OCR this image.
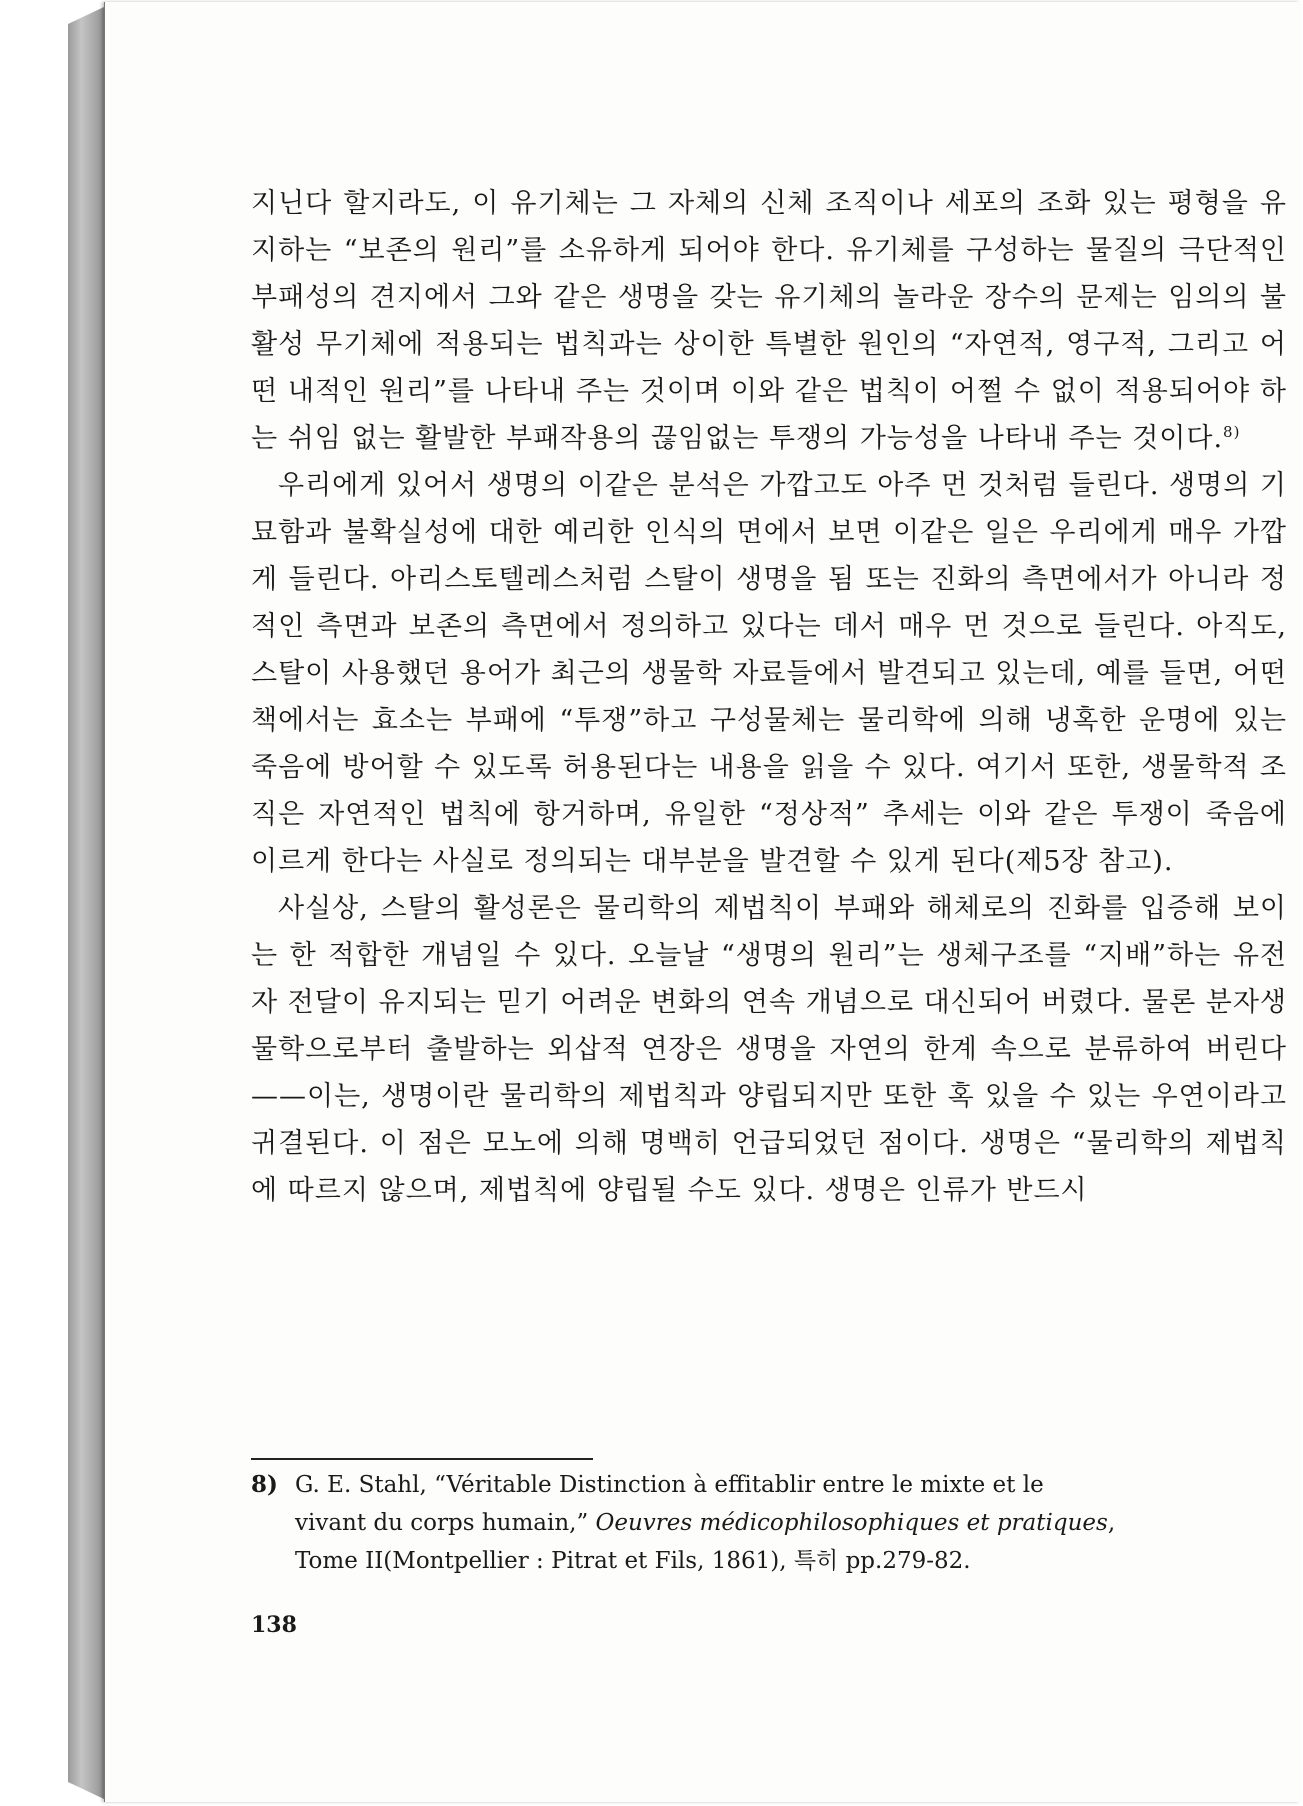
지닌다 할지라도, 이 유기체는 그 자체의 신체 조직이나 세포의 조화 있는 평형을 유지하는 “보존의 원리”를 소유하게 되어야 한다. 유기체를 구성하는 물질의 극단적인 부패성의 견지에서 그와 같은 생명을 갖는 유기체의 놀라운 장수의 문제는 임의의 불활성 무기체에 적용되는 법칙과는 상이한 특별한 원인의 “자연적, 영구적, 그리고 어떤 내적인 원리”를 나타내 주는 것이며 이와 같은 법칙이 어쩔 수 없이 적용되어야 하는 쉬임 없는 활발한 부패작용의 끊임없는 투쟁의 가능성을 나타내 주는 것이다.$^{8)}$

우리에게 있어서 생명의 이같은 분석은 가깝고도 아주 먼 것처럼 들린다. 생명의 기묘함과 불확실성에 대한 예리한 인식의 면에서 보면 이같은 일은 우리에게 매우 가깝게 들린다. 아리스토텔레스처럼 스탈이 생명을 됨 또는 진화의 측면에서가 아니라 정적인 측면과 보존의 측면에서 정의하고 있다는 데서 매우 먼 것으로 들린다. 아직도, 스탈이 사용했던 용어가 최근의 생물학 자료들에서 발견되고 있는데, 예를 들면, 어떤 책에서는 효소는 부패에 “투쟁”하고 구성물체는 물리학에 의해 냉혹한 운명에 있는 죽음에 방어할 수 있도록 허용된다는 내용을 읽을 수 있다. 여기서 또한, 생물학적 조직은 자연적인 법칙에 항거하며, 유일한 “정상적” 추세는 이와 같은 투쟁이 죽음에 이르게 한다는 사실로 정의되는 대부분을 발견할 수 있게 된다(제5장 참고).

사실상, 스탈의 활성론은 물리학의 제법칙이 부패와 해체로의 진화를 입증해 보이는 한 적합한 개념일 수 있다. 오늘날 “생명의 원리”는 생체구조를 “지배”하는 유전자 전달이 유지되는 믿기 어려운 변화의 연속 개념으로 대신되어 버렸다. 물론 분자생물학으로부터 출발하는 외삽적 연장은 생명을 자연의 한계 속으로 분류하여 버린다——이는, 생명이란 물리학의 제법칙과 양립되지만 또한 혹 있을 수 있는 우연이라고 귀결된다. 이 점은 모노에 의해 명백히 언급되었던 점이다. 생명은 “물리학의 제법칙에 따르지 않으며, 제법칙에 양립될 수도 있다. 생명은 인류가 반드시

8) G. E. Stahl, “Véritable Distinction à effitablir entre le mixte et le
vivant du corps humain,” Oeuvres médicophilosophiques et pratiques,
Tome II(Montpellier : Pitrat et Fils, 1861), 특히 pp.279-82.
138
